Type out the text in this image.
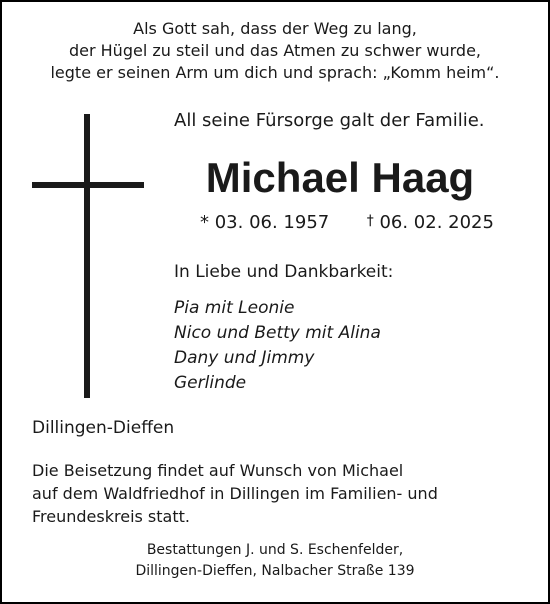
Als Gott sah, dass der Weg zu lang,
der Hügel zu steil und das Atmen zu schwer wurde,
legte er seinen Arm um dich und sprach: „Komm heim“.
All seine Fürsorge galt der Familie.
Michael Haag
* 03. 06. 1957	† 06. 02. 2025
In Liebe und Dankbarkeit:
Pia mit Leonie
Nico und Betty mit Alina
Dany und Jimmy
Gerlinde
Dillingen-Dieffen
Die Beisetzung findet auf Wunsch von Michael
auf dem Waldfriedhof in Dillingen im Familien- und
Freundeskreis statt.
Bestattungen J. und S. Eschenfelder,
Dillingen-Dieffen, Nalbacher Straße 139
